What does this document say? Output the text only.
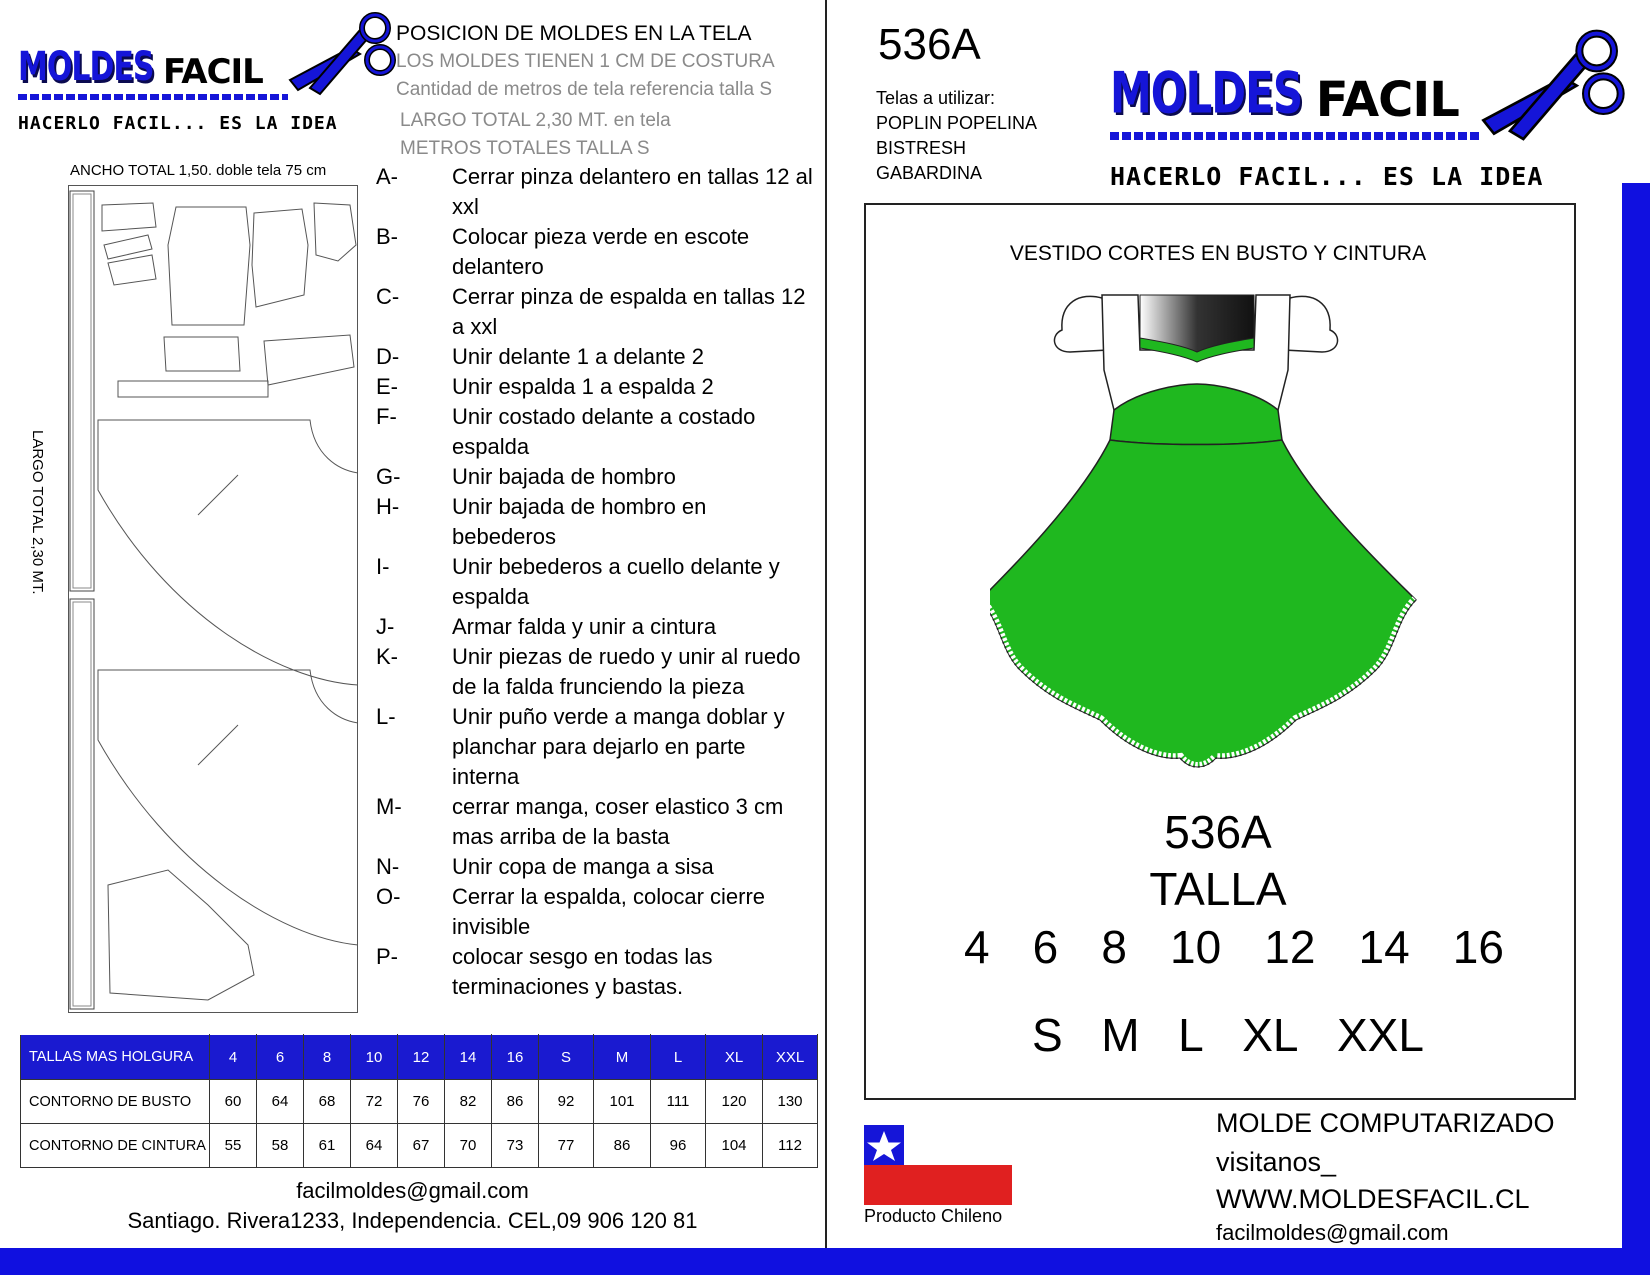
MOLDES FACIL
HACERLO FACIL... ES LA IDEA
POSICION DE MOLDES EN LA TELA
LOS MOLDES TIENEN 1 CM DE COSTURA
Cantidad de metros de tela referencia talla S
LARGO TOTAL 2,30 MT. en tela
METROS TOTALES TALLA S
ANCHO TOTAL 1,50. doble tela 75 cm
LARGO TOTAL 2,30 MT.
A-	Cerrar pinza delantero en tallas 12 al xxl
B-	Colocar pieza verde en escote delantero
C-	Cerrar pinza de espalda en tallas 12 a xxl
D-	Unir delante 1 a delante 2
E-	Unir espalda 1 a espalda 2
F-	Unir costado delante a costado espalda
G-	Unir bajada de hombro
H-	Unir bajada de hombro en bebederos
I-	Unir bebederos a cuello delante y espalda
J-	Armar falda y unir a cintura
K-	Unir piezas de ruedo y unir al ruedo de la falda frunciendo la pieza
L-	Unir puño verde a manga doblar y planchar para dejarlo en parte interna
M-	cerrar manga, coser elastico 3 cm mas arriba de la basta
N-	Unir copa de manga a sisa
O-	Cerrar la espalda, colocar cierre invisible
P-	colocar sesgo en todas las terminaciones y bastas.
TALLAS MAS HOLGURA	4	6	8	10	12	14	16	S	M	L	XL	XXL
CONTORNO DE BUSTO	60	64	68	72	76	82	86	92	101	111	120	130
CONTORNO DE CINTURA	55	58	61	64	67	70	73	77	86	96	104	112
facilmoldes@gmail.com
Santiago. Rivera1233, Independencia. CEL,09 906 120 81
536A
Telas a utilizar:
POPLIN POPELINA
BISTRESH
GABARDINA
MOLDES FACIL
HACERLO FACIL... ES LA IDEA
VESTIDO CORTES EN BUSTO Y CINTURA
536A
TALLA
4 6 8 10 12 14 16
S M L XL XXL
Producto Chileno
MOLDE COMPUTARIZADO
visitanos_
WWW.MOLDESFACIL.CL
facilmoldes@gmail.com
